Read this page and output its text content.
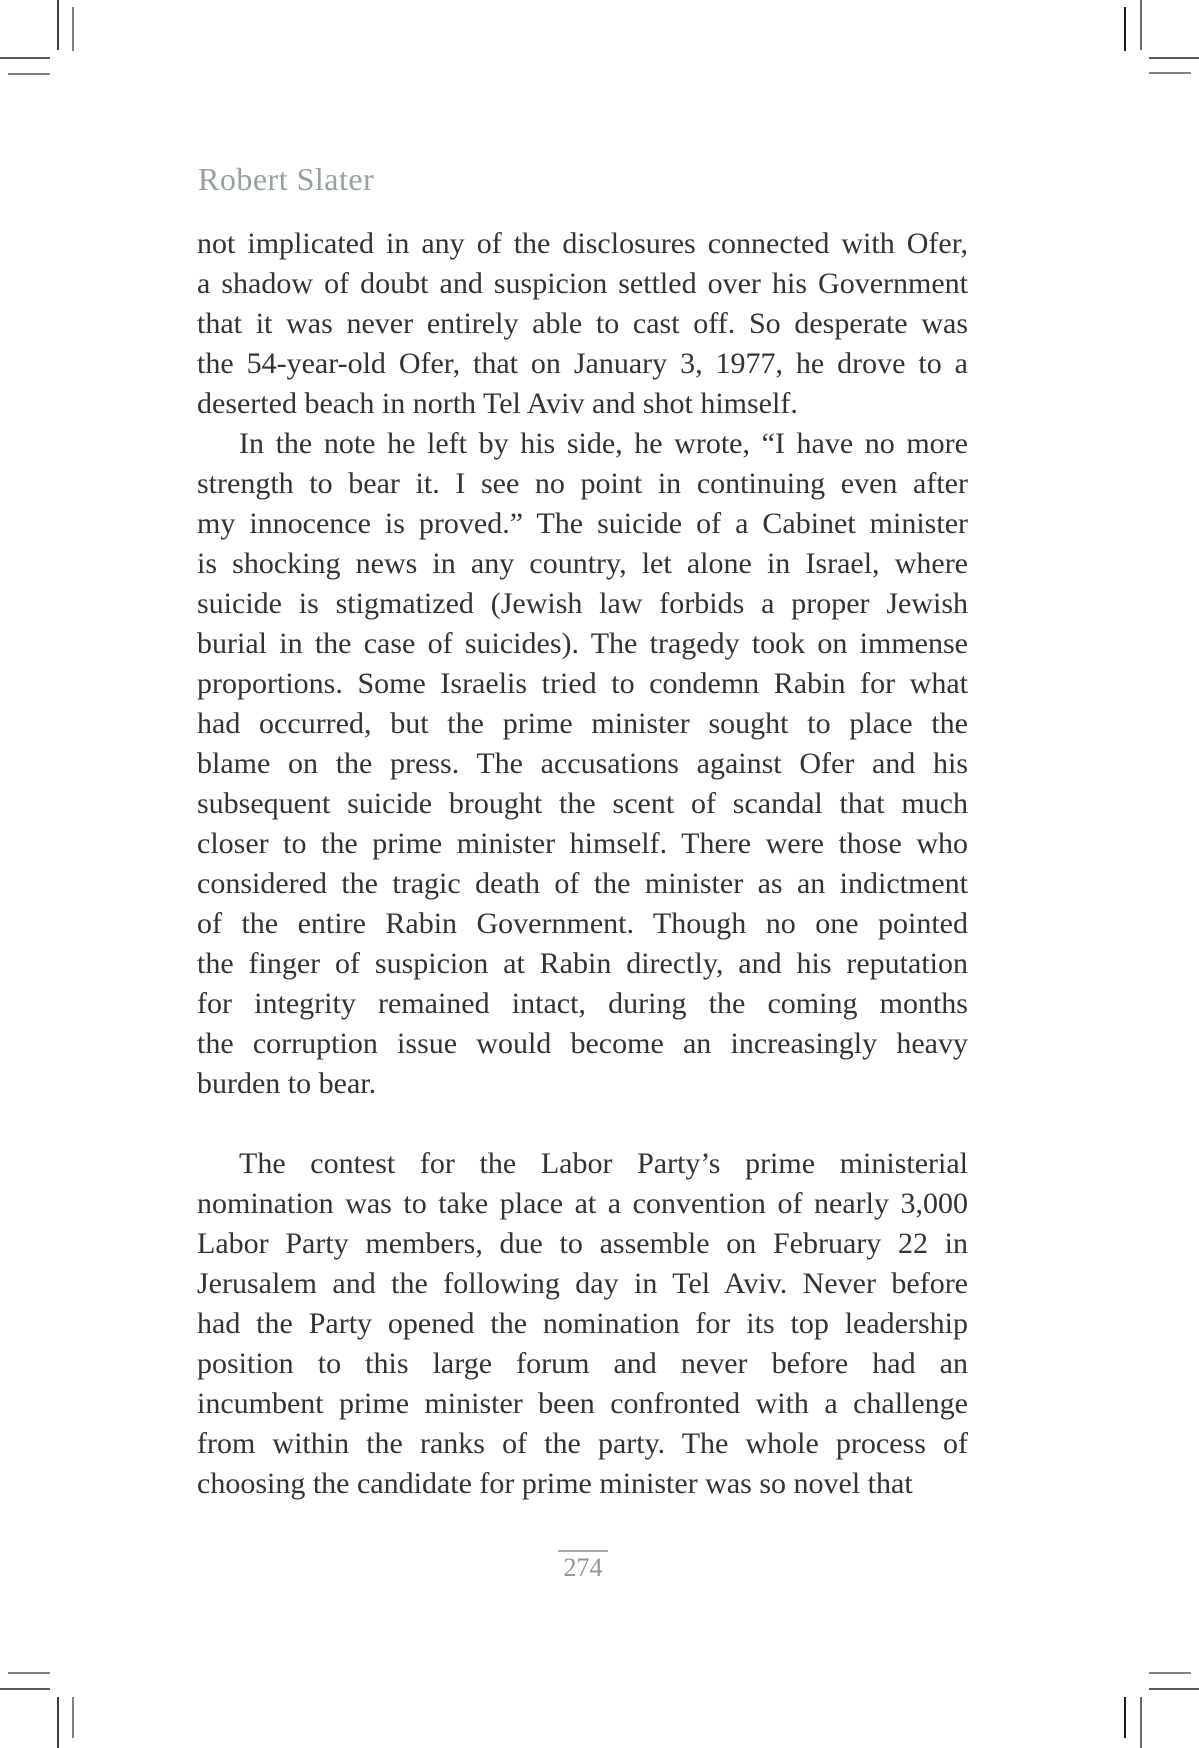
Robert Slater
not implicated in any of the disclosures connected with Ofer,
a shadow of doubt and suspicion settled over his Government
that it was never entirely able to cast off. So desperate was
the 54-year-old Ofer, that on January 3, 1977, he drove to a
deserted beach in north Tel Aviv and shot himself.
In the note he left by his side, he wrote, “I have no more
strength to bear it. I see no point in continuing even after
my innocence is proved.” The suicide of a Cabinet minister
is shocking news in any country, let alone in Israel, where
suicide is stigmatized (Jewish law forbids a proper Jewish
burial in the case of suicides). The tragedy took on immense
proportions. Some Israelis tried to condemn Rabin for what
had occurred, but the prime minister sought to place the
blame on the press. The accusations against Ofer and his
subsequent suicide brought the scent of scandal that much
closer to the prime minister himself. There were those who
considered the tragic death of the minister as an indictment
of the entire Rabin Government. Though no one pointed
the finger of suspicion at Rabin directly, and his reputation
for integrity remained intact, during the coming months
the corruption issue would become an increasingly heavy
burden to bear.
The contest for the Labor Party’s prime ministerial
nomination was to take place at a convention of nearly 3,000
Labor Party members, due to assemble on February 22 in
Jerusalem and the following day in Tel Aviv. Never before
had the Party opened the nomination for its top leadership
position to this large forum and never before had an
incumbent prime minister been confronted with a challenge
from within the ranks of the party. The whole process of
choosing the candidate for prime minister was so novel that
274
